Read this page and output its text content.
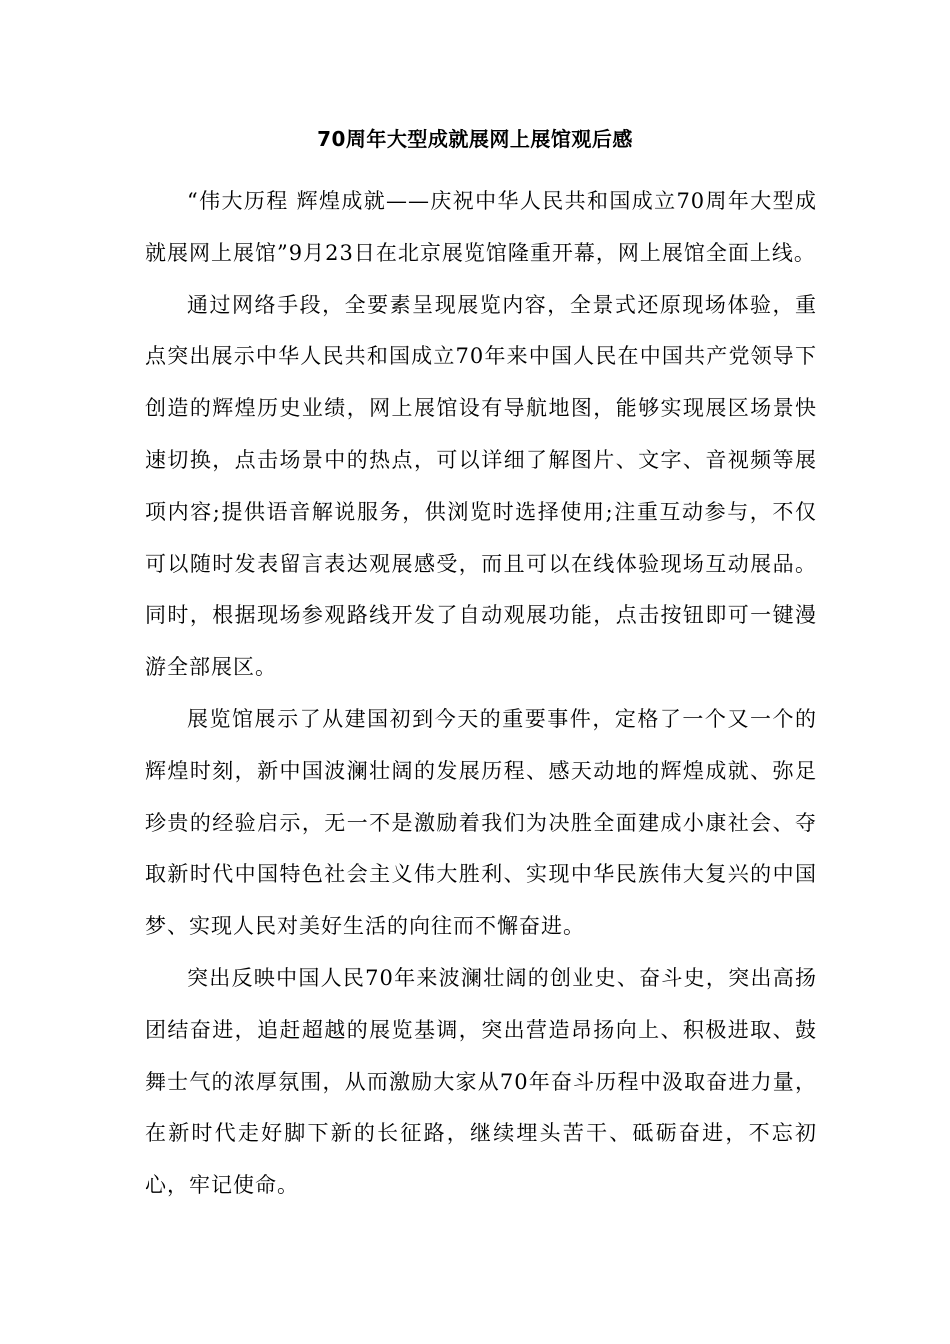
70周年大型成就展网上展馆观后感

“伟大历程 辉煌成就——庆祝中华人民共和国成立70周年大型成就展网上展馆”9月23日在北京展览馆隆重开幕，网上展馆全面上线。

通过网络手段，全要素呈现展览内容，全景式还原现场体验，重点突出展示中华人民共和国成立70年来中国人民在中国共产党领导下创造的辉煌历史业绩，网上展馆设有导航地图，能够实现展区场景快速切换，点击场景中的热点，可以详细了解图片、文字、音视频等展项内容;提供语音解说服务，供浏览时选择使用;注重互动参与，不仅可以随时发表留言表达观展感受，而且可以在线体验现场互动展品。同时，根据现场参观路线开发了自动观展功能，点击按钮即可一键漫游全部展区。

展览馆展示了从建国初到今天的重要事件，定格了一个又一个的辉煌时刻，新中国波澜壮阔的发展历程、感天动地的辉煌成就、弥足珍贵的经验启示，无一不是激励着我们为决胜全面建成小康社会、夺取新时代中国特色社会主义伟大胜利、实现中华民族伟大复兴的中国梦、实现人民对美好生活的向往而不懈奋进。

突出反映中国人民70年来波澜壮阔的创业史、奋斗史，突出高扬团结奋进，追赶超越的展览基调，突出营造昂扬向上、积极进取、鼓舞士气的浓厚氛围，从而激励大家从70年奋斗历程中汲取奋进力量，在新时代走好脚下新的长征路，继续埋头苦干、砥砺奋进，不忘初心，牢记使命。
